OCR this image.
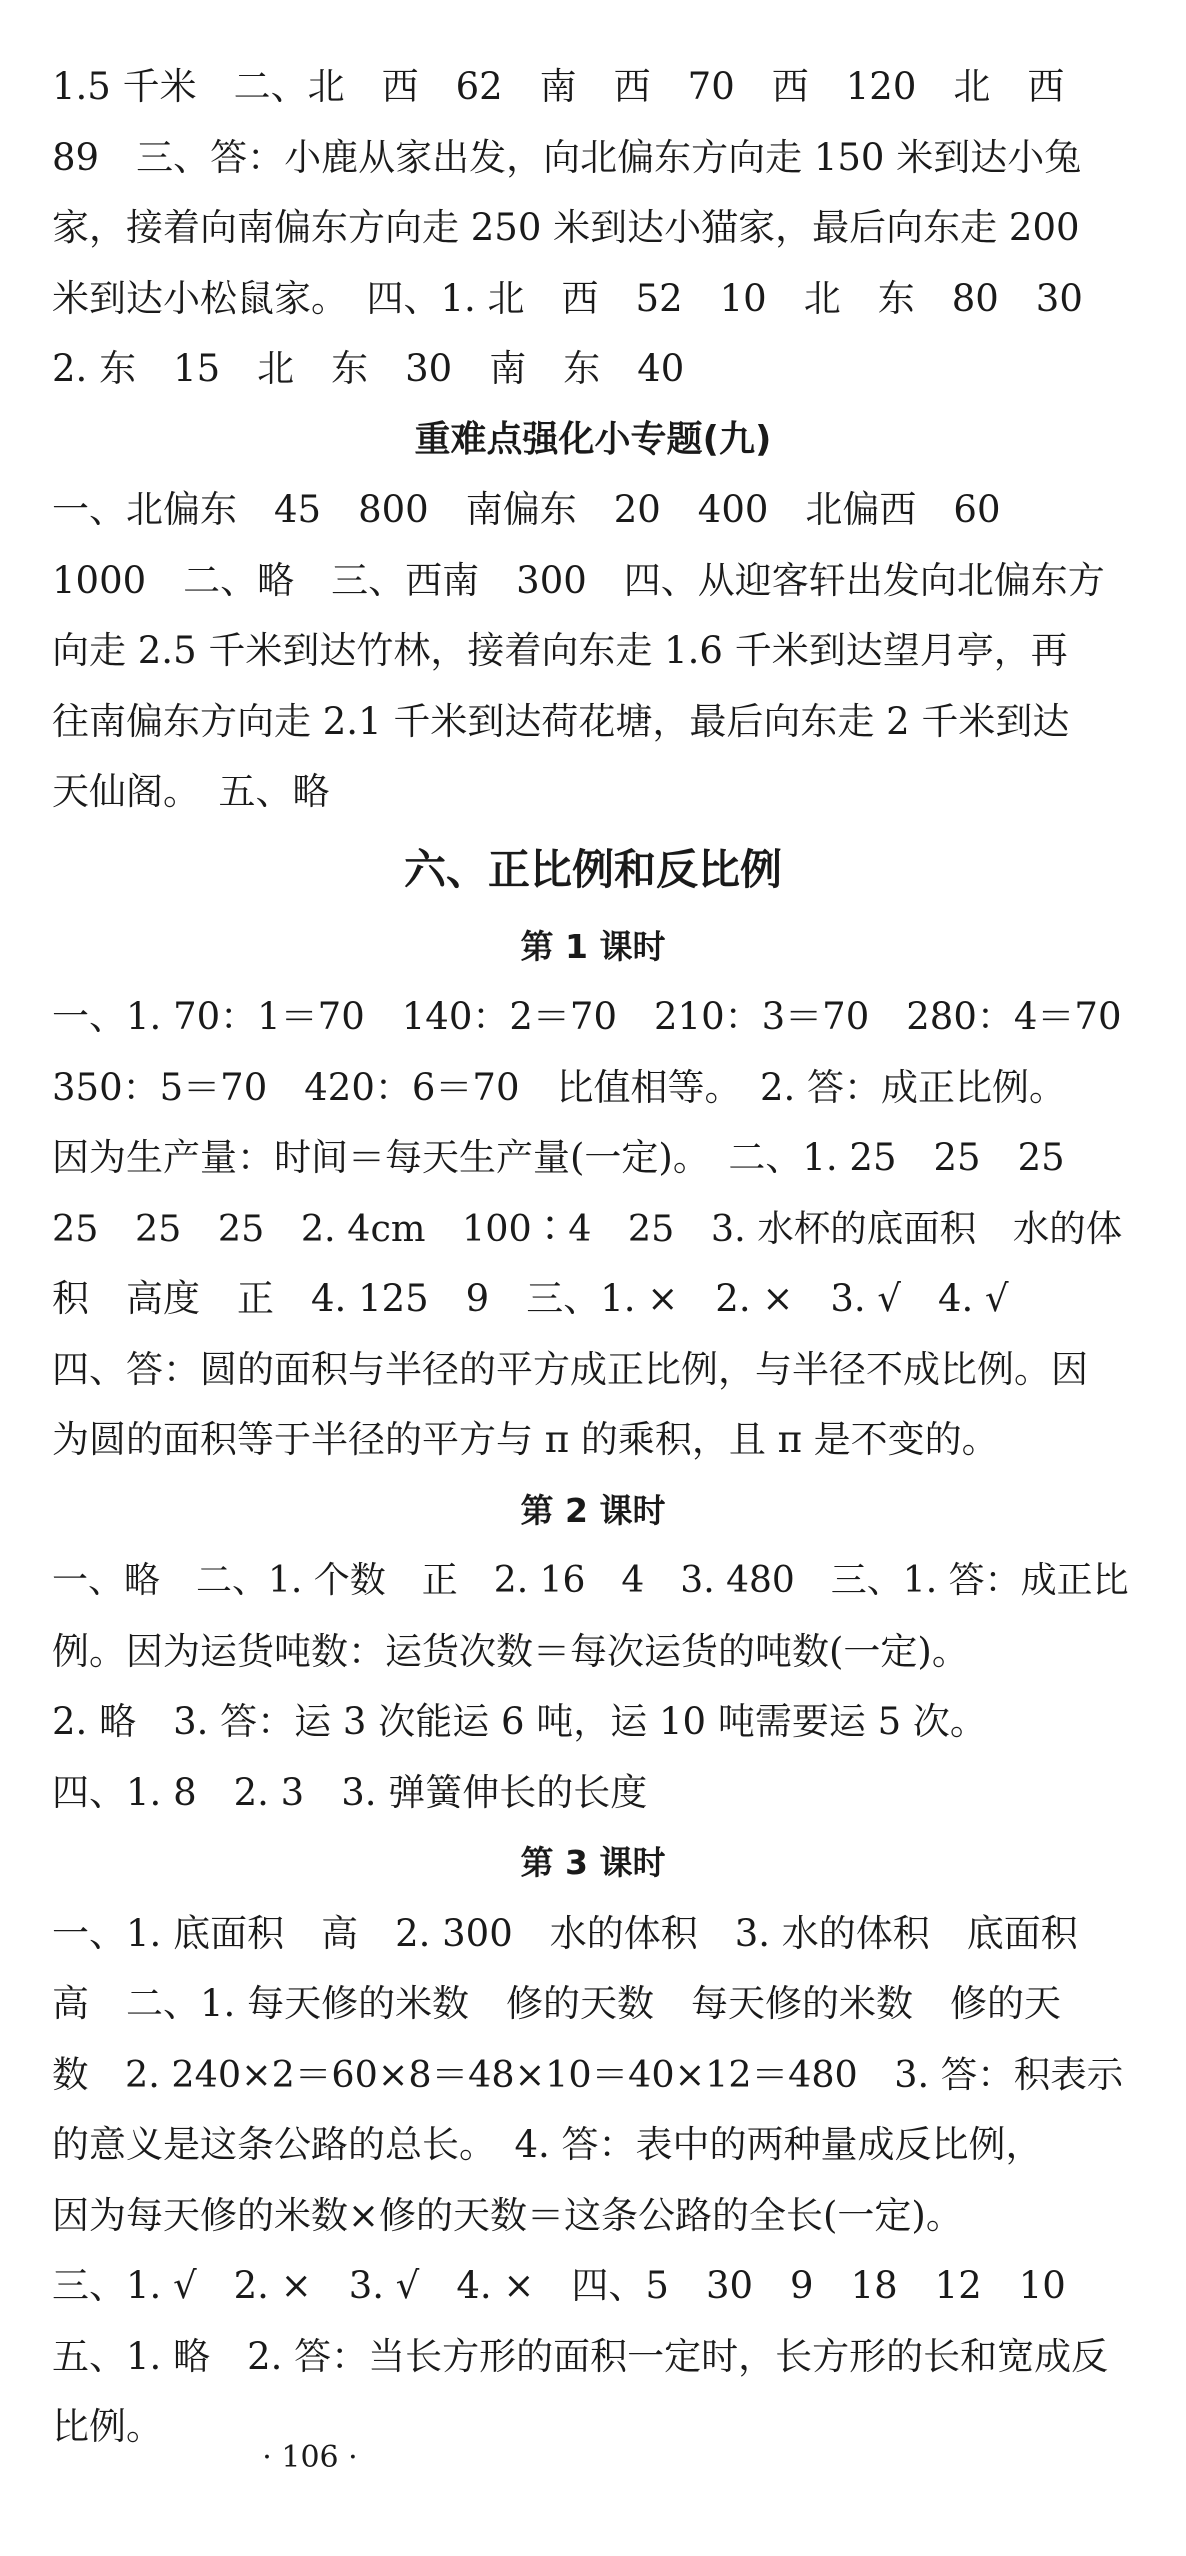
1.5 千米　二、北　西　62　南　西　70　西　120　北　西
89　三、答：小鹿从家出发，向北偏东方向走 150 米到达小兔
家，接着向南偏东方向走 250 米到达小猫家，最后向东走 200
米到达小松鼠家。　四、1. 北　西　52　10　北　东　80　30
2. 东　15　北　东　30　南　东　40
重难点强化小专题(九)
一、北偏东　45　800　南偏东　20　400　北偏西　60
1000　二、略　三、西南　300　四、从迎客轩出发向北偏东方
向走 2.5 千米到达竹林，接着向东走 1.6 千米到达望月亭，再
往南偏东方向走 2.1 千米到达荷花塘，最后向东走 2 千米到达
天仙阁。　五、略
六、正比例和反比例
第 1 课时
一、1. 70：1＝70　140：2＝70　210：3＝70　280：4＝70
350：5＝70　420：6＝70　比值相等。　2. 答：成正比例。
因为生产量：时间＝每天生产量(一定)。　二、1. 25　25　25
25　25　25　2. 4cm　100∶4　25　3. 水杯的底面积　水的体
积　高度　正　4. 125　9　三、1. ×　2. ×　3. √　4. √
四、答：圆的面积与半径的平方成正比例，与半径不成比例。因
为圆的面积等于半径的平方与 π 的乘积，且 π 是不变的。
第 2 课时
一、略　二、1. 个数　正　2. 16　4　3. 480　三、1. 答：成正比
例。因为运货吨数：运货次数＝每次运货的吨数(一定)。
2. 略　3. 答：运 3 次能运 6 吨，运 10 吨需要运 5 次。
四、1. 8　2. 3　3. 弹簧伸长的长度
第 3 课时
一、1. 底面积　高　2. 300　水的体积　3. 水的体积　底面积
高　二、1. 每天修的米数　修的天数　每天修的米数　修的天
数　2. 240×2＝60×8＝48×10＝40×12＝480　3. 答：积表示
的意义是这条公路的总长。　4. 答：表中的两种量成反比例，
因为每天修的米数×修的天数＝这条公路的全长(一定)。
三、1. √　2. ×　3. √　4. ×　四、5　30　9　18　12　10
五、1. 略　2. 答：当长方形的面积一定时，长方形的长和宽成反
比例。
· 106 ·
